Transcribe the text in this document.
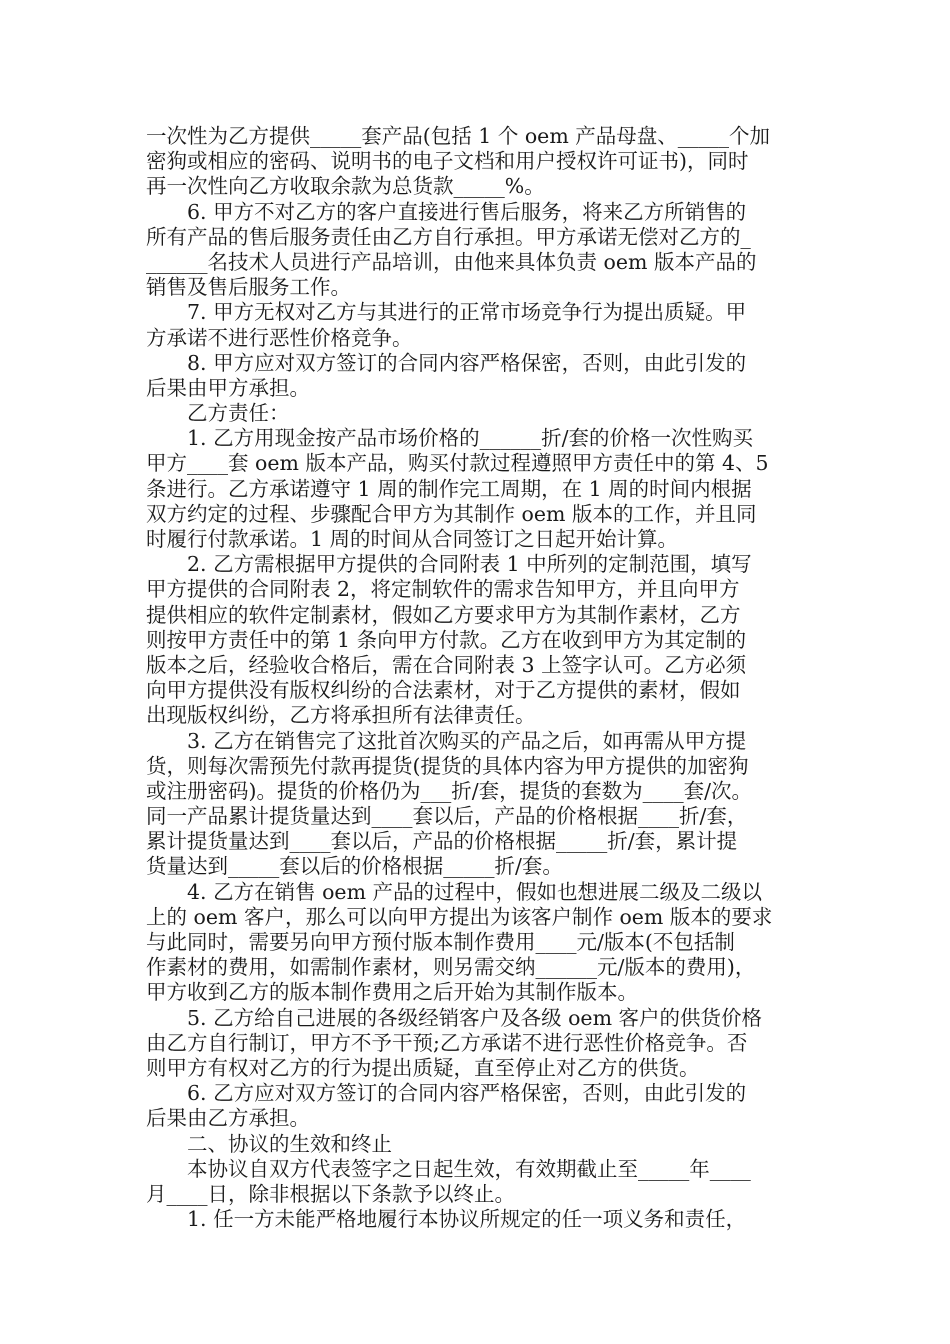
一次性为乙方提供_____套产品(包括 1 个 oem 产品母盘、_____个加
密狗或相应的密码、说明书的电子文档和用户授权许可证书)，同时
再一次性向乙方收取余款为总货款_____%。
　　6. 甲方不对乙方的客户直接进行售后服务，将来乙方所销售的
所有产品的售后服务责任由乙方自行承担。甲方承诺无偿对乙方的_
______名技术人员进行产品培训，由他来具体负责 oem 版本产品的
销售及售后服务工作。
　　7. 甲方无权对乙方与其进行的正常市场竞争行为提出质疑。甲
方承诺不进行恶性价格竞争。
　　8. 甲方应对双方签订的合同内容严格保密，否则，由此引发的
后果由甲方承担。
　　乙方责任：
　　1. 乙方用现金按产品市场价格的______折/套的价格一次性购买
甲方____套 oem 版本产品，购买付款过程遵照甲方责任中的第 4、5
条进行。乙方承诺遵守 1 周的制作完工周期，在 1 周的时间内根据
双方约定的过程、步骤配合甲方为其制作 oem 版本的工作，并且同
时履行付款承诺。1 周的时间从合同签订之日起开始计算。
　　2. 乙方需根据甲方提供的合同附表 1 中所列的定制范围，填写
甲方提供的合同附表 2，将定制软件的需求告知甲方，并且向甲方
提供相应的软件定制素材，假如乙方要求甲方为其制作素材，乙方
则按甲方责任中的第 1 条向甲方付款。乙方在收到甲方为其定制的
版本之后，经验收合格后，需在合同附表 3 上签字认可。乙方必须
向甲方提供没有版权纠纷的合法素材，对于乙方提供的素材，假如
出现版权纠纷，乙方将承担所有法律责任。
　　3. 乙方在销售完了这批首次购买的产品之后，如再需从甲方提
货，则每次需预先付款再提货(提货的具体内容为甲方提供的加密狗
或注册密码)。提货的价格仍为___折/套，提货的套数为____套/次。
同一产品累计提货量达到____套以后，产品的价格根据____折/套，
累计提货量达到____套以后，产品的价格根据_____折/套，累计提
货量达到_____套以后的价格根据_____折/套。
　　4. 乙方在销售 oem 产品的过程中，假如也想进展二级及二级以
上的 oem 客户，那么可以向甲方提出为该客户制作 oem 版本的要求
与此同时，需要另向甲方预付版本制作费用____元/版本(不包括制
作素材的费用，如需制作素材，则另需交纳______元/版本的费用)，
甲方收到乙方的版本制作费用之后开始为其制作版本。
　　5. 乙方给自己进展的各级经销客户及各级 oem 客户的供货价格
由乙方自行制订，甲方不予干预;乙方承诺不进行恶性价格竞争。否
则甲方有权对乙方的行为提出质疑，直至停止对乙方的供货。
　　6. 乙方应对双方签订的合同内容严格保密，否则，由此引发的
后果由乙方承担。
　　二、协议的生效和终止
　　本协议自双方代表签字之日起生效，有效期截止至_____年____
月____日，除非根据以下条款予以终止。
　　1. 任一方未能严格地履行本协议所规定的任一项义务和责任，
